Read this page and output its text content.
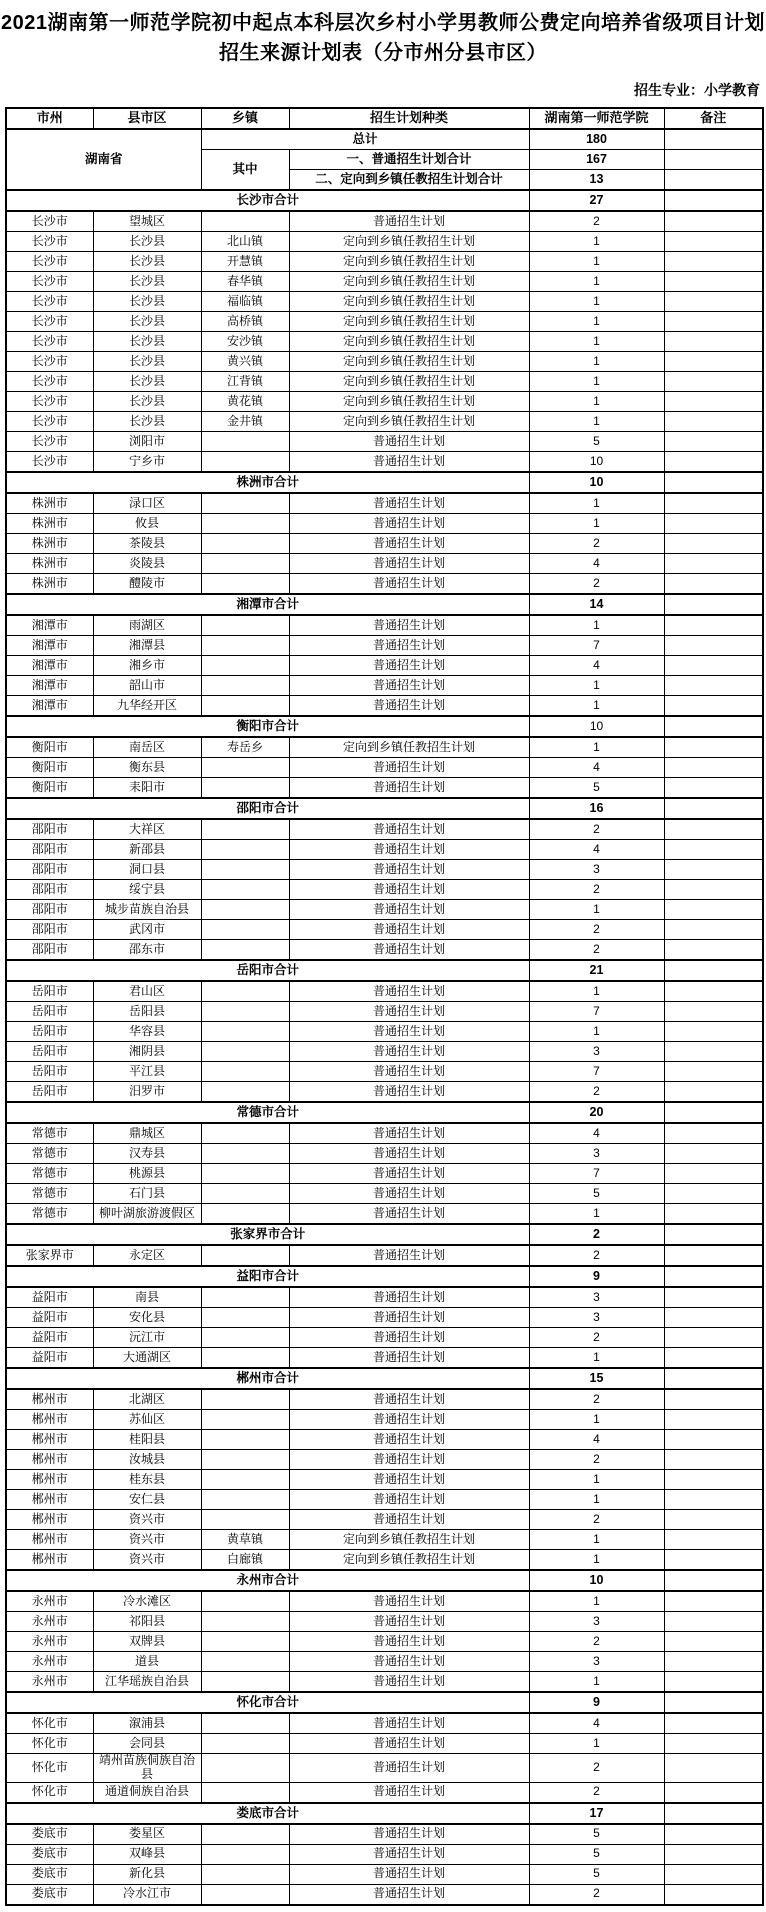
2021湖南第一师范学院初中起点本科层次乡村小学男教师公费定向培养省级项目计划
招生来源计划表（分市州分县市区）
招生专业：小学教育
市州	县市区	乡镇	招生计划种类	湖南第一师范学院	备注
湖南省		总计		180	
		其中	一、普通招生计划合计	167	
			二、定向到乡镇任教招生计划合计	13	
长沙市合计				27	
长沙市	望城区		普通招生计划	2	
长沙市	长沙县	北山镇	定向到乡镇任教招生计划	1	
长沙市	长沙县	开慧镇	定向到乡镇任教招生计划	1	
长沙市	长沙县	春华镇	定向到乡镇任教招生计划	1	
长沙市	长沙县	福临镇	定向到乡镇任教招生计划	1	
长沙市	长沙县	高桥镇	定向到乡镇任教招生计划	1	
长沙市	长沙县	安沙镇	定向到乡镇任教招生计划	1	
长沙市	长沙县	黄兴镇	定向到乡镇任教招生计划	1	
长沙市	长沙县	江背镇	定向到乡镇任教招生计划	1	
长沙市	长沙县	黄花镇	定向到乡镇任教招生计划	1	
长沙市	长沙县	金井镇	定向到乡镇任教招生计划	1	
长沙市	浏阳市		普通招生计划	5	
长沙市	宁乡市		普通招生计划	10	
株洲市合计				10	
株洲市	渌口区		普通招生计划	1	
株洲市	攸县		普通招生计划	1	
株洲市	茶陵县		普通招生计划	2	
株洲市	炎陵县		普通招生计划	4	
株洲市	醴陵市		普通招生计划	2	
湘潭市合计				14	
湘潭市	雨湖区		普通招生计划	1	
湘潭市	湘潭县		普通招生计划	7	
湘潭市	湘乡市		普通招生计划	4	
湘潭市	韶山市		普通招生计划	1	
湘潭市	九华经开区		普通招生计划	1	
衡阳市合计				10	
衡阳市	南岳区	寿岳乡	定向到乡镇任教招生计划	1	
衡阳市	衡东县		普通招生计划	4	
衡阳市	耒阳市		普通招生计划	5	
邵阳市合计				16	
邵阳市	大祥区		普通招生计划	2	
邵阳市	新邵县		普通招生计划	4	
邵阳市	洞口县		普通招生计划	3	
邵阳市	绥宁县		普通招生计划	2	
邵阳市	城步苗族自治县		普通招生计划	1	
邵阳市	武冈市		普通招生计划	2	
邵阳市	邵东市		普通招生计划	2	
岳阳市合计				21	
岳阳市	君山区		普通招生计划	1	
岳阳市	岳阳县		普通招生计划	7	
岳阳市	华容县		普通招生计划	1	
岳阳市	湘阴县		普通招生计划	3	
岳阳市	平江县		普通招生计划	7	
岳阳市	汨罗市		普通招生计划	2	
常德市合计				20	
常德市	鼎城区		普通招生计划	4	
常德市	汉寿县		普通招生计划	3	
常德市	桃源县		普通招生计划	7	
常德市	石门县		普通招生计划	5	
常德市	柳叶湖旅游渡假区		普通招生计划	1	
张家界市合计				2	
张家界市	永定区		普通招生计划	2	
益阳市合计				9	
益阳市	南县		普通招生计划	3	
益阳市	安化县		普通招生计划	3	
益阳市	沅江市		普通招生计划	2	
益阳市	大通湖区		普通招生计划	1	
郴州市合计				15	
郴州市	北湖区		普通招生计划	2	
郴州市	苏仙区		普通招生计划	1	
郴州市	桂阳县		普通招生计划	4	
郴州市	汝城县		普通招生计划	2	
郴州市	桂东县		普通招生计划	1	
郴州市	安仁县		普通招生计划	1	
郴州市	资兴市		普通招生计划	2	
郴州市	资兴市	黄草镇	定向到乡镇任教招生计划	1	
郴州市	资兴市	白廊镇	定向到乡镇任教招生计划	1	
永州市合计				10	
永州市	冷水滩区		普通招生计划	1	
永州市	祁阳县		普通招生计划	3	
永州市	双牌县		普通招生计划	2	
永州市	道县		普通招生计划	3	
永州市	江华瑶族自治县		普通招生计划	1	
怀化市合计				9	
怀化市	溆浦县		普通招生计划	4	
怀化市	会同县		普通招生计划	1	
怀化市	靖州苗族侗族自治县		普通招生计划	2	
怀化市	通道侗族自治县		普通招生计划	2	
娄底市合计				17	
娄底市	娄星区		普通招生计划	5	
娄底市	双峰县		普通招生计划	5	
娄底市	新化县		普通招生计划	5	
娄底市	冷水江市		普通招生计划	2	
